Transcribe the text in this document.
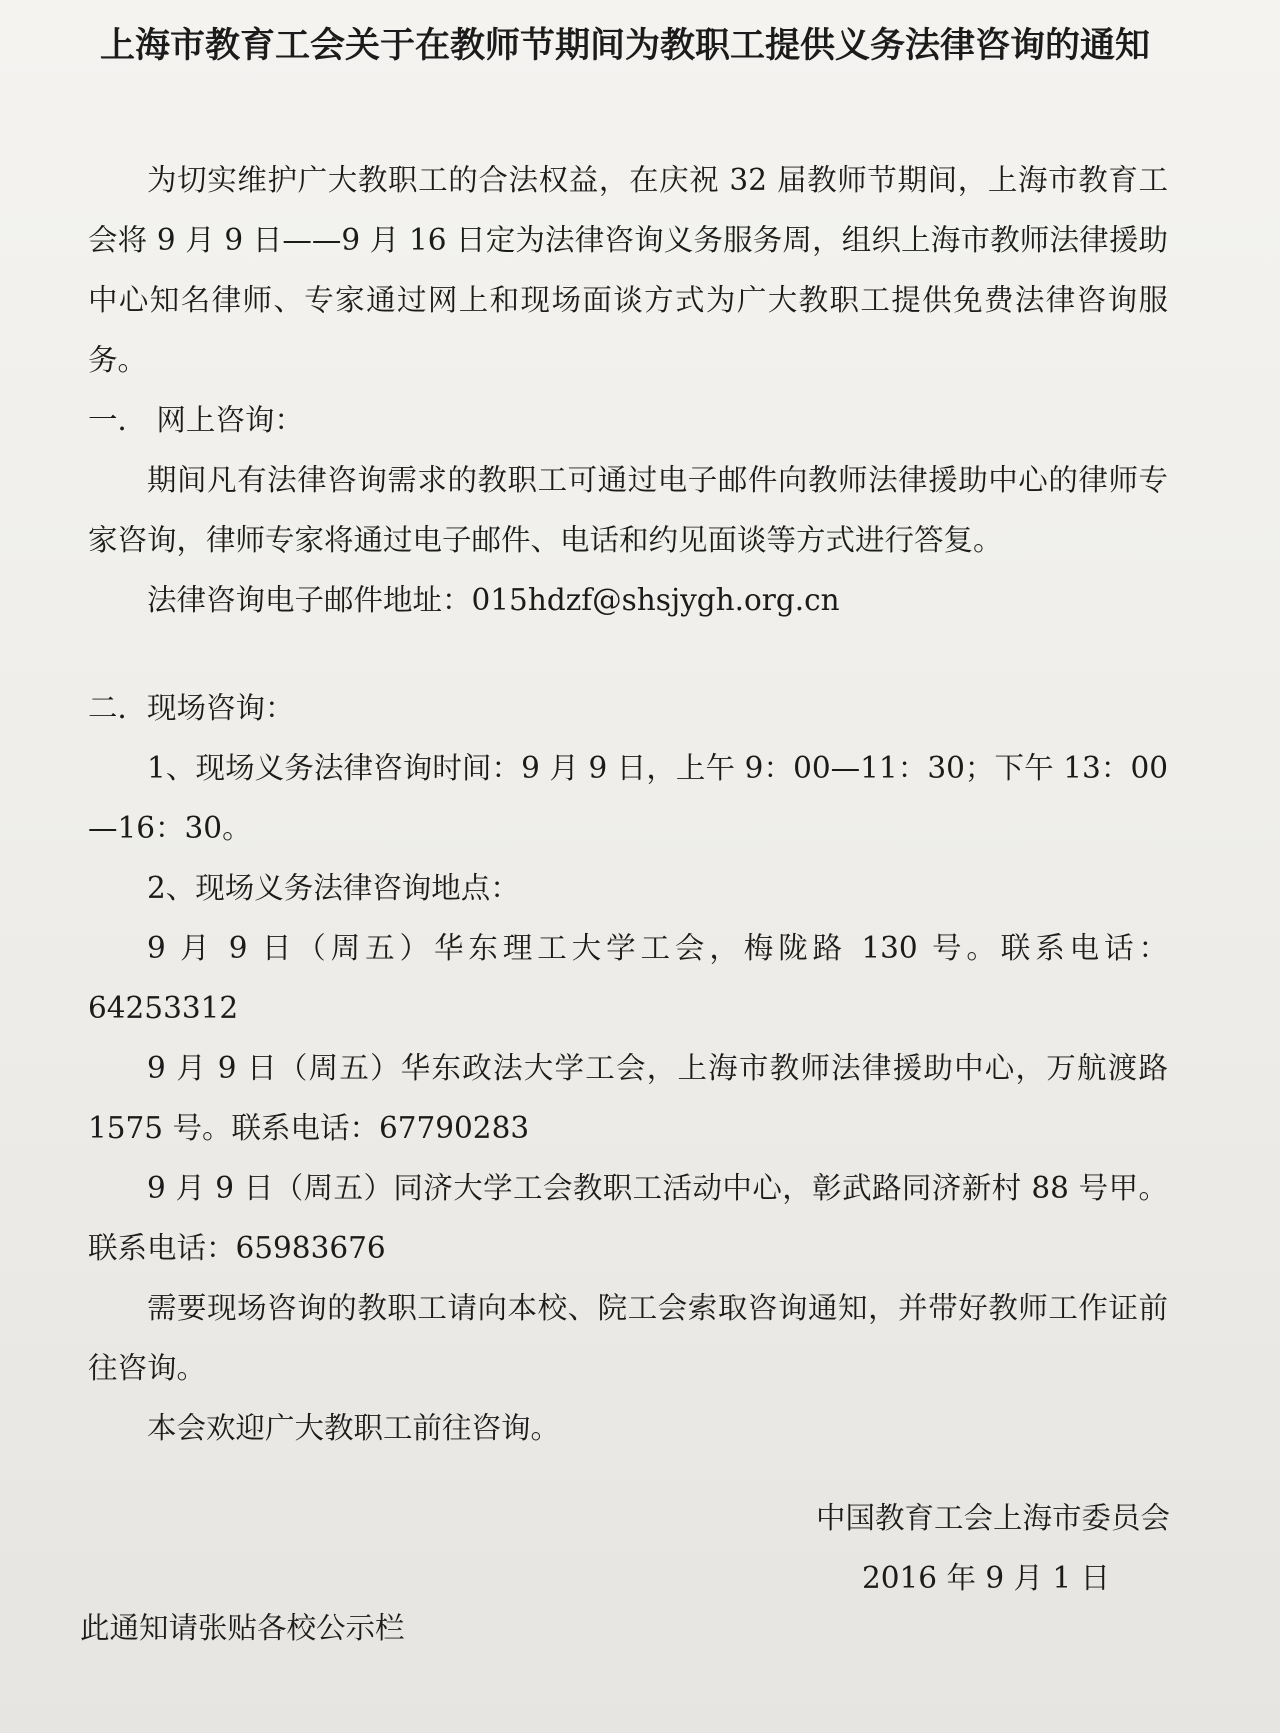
上海市教育工会关于在教师节期间为教职工提供义务法律咨询的通知

为切实维护广大教职工的合法权益，在庆祝 32 届教师节期间，上海市教育工会将 9 月 9 日——9 月 16 日定为法律咨询义务服务周，组织上海市教师法律援助中心知名律师、专家通过网上和现场面谈方式为广大教职工提供免费法律咨询服务。

一． 网上咨询：

期间凡有法律咨询需求的教职工可通过电子邮件向教师法律援助中心的律师专家咨询，律师专家将通过电子邮件、电话和约见面谈等方式进行答复。

法律咨询电子邮件地址：015hdzf@shsjygh.org.cn

二．现场咨询：

1、现场义务法律咨询时间：9 月 9 日，上午 9：00—11：30；下午 13：00—16：30。

2、现场义务法律咨询地点：

9 月 9 日（周五）华东理工大学工会，梅陇路 130 号。联系电话：64253312

9 月 9 日（周五）华东政法大学工会，上海市教师法律援助中心，万航渡路 1575 号。联系电话：67790283

9 月 9 日（周五）同济大学工会教职工活动中心，彰武路同济新村 88 号甲。联系电话：65983676

需要现场咨询的教职工请向本校、院工会索取咨询通知，并带好教师工作证前往咨询。

本会欢迎广大教职工前往咨询。

中国教育工会上海市委员会
2016 年 9 月 1 日
此通知请张贴各校公示栏
